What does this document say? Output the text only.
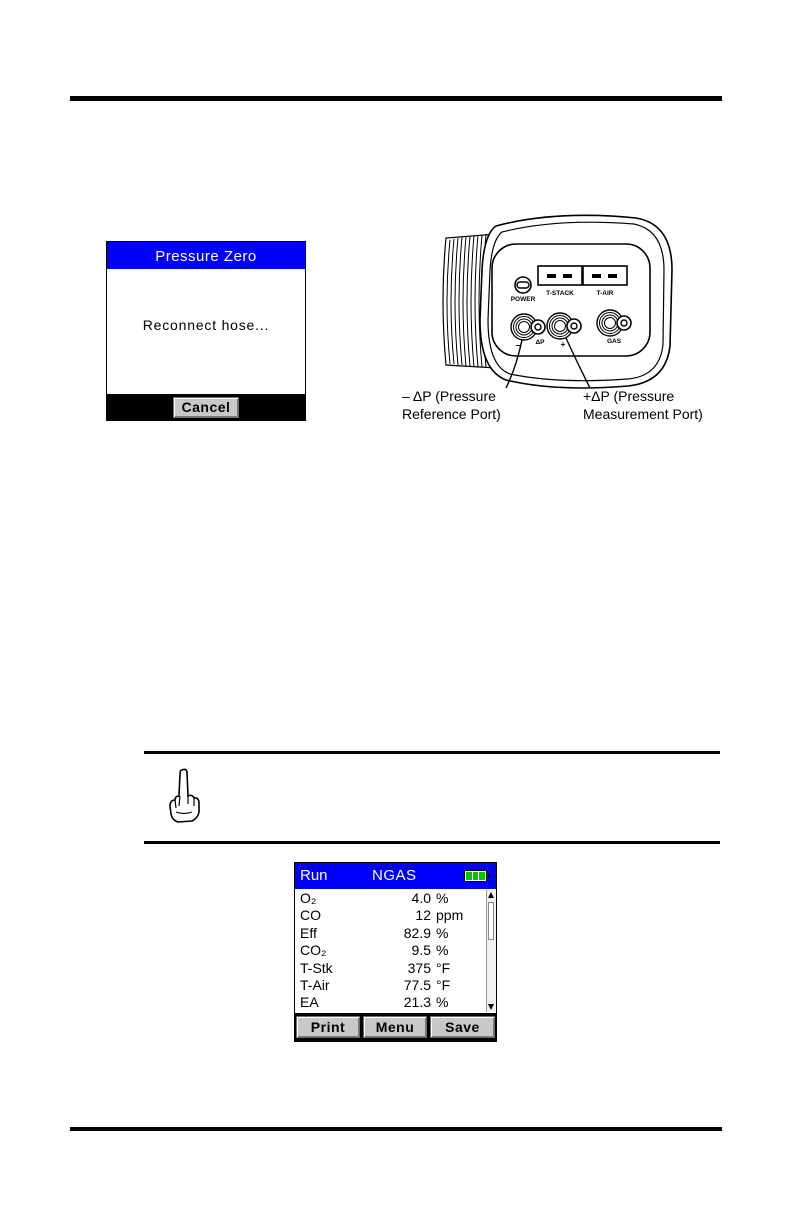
Pressure Zero
Reconnect hose...
Cancel
POWER
T-STACK	T-AIR
– ΔP +	GAS
– ΔP (Pressure
Reference Port)
+ΔP (Pressure
Measurement Port)
Run	NGAS
O₂	4.0 %
CO	12 ppm
Eff	82.9 %
CO₂	9.5 %
T-Stk	375 °F
T-Air	77.5 °F
EA	21.3 %
Print	Menu	Save
